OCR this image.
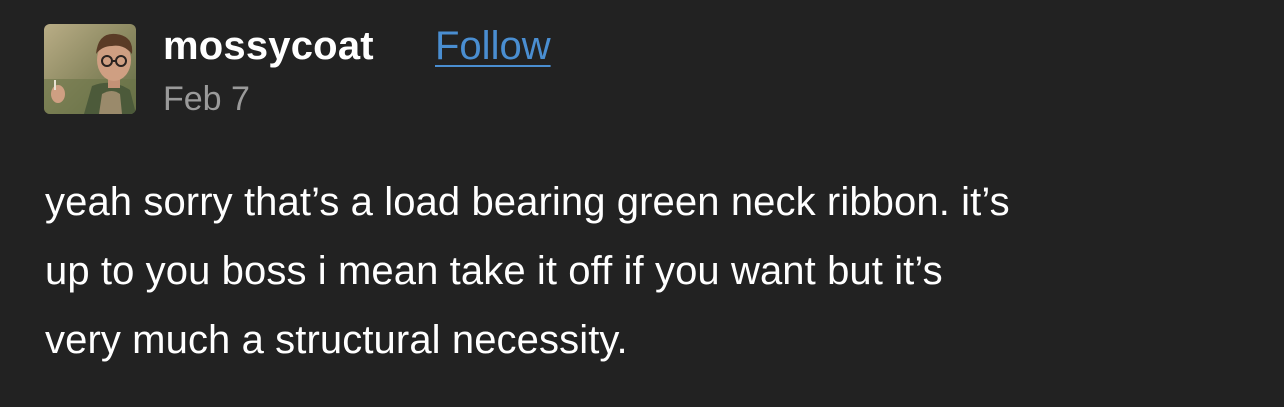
mossycoat Follow
Feb 7
yeah sorry that’s a load bearing green neck ribbon. it’s
up to you boss i mean take it off if you want but it’s
very much a structural necessity.
